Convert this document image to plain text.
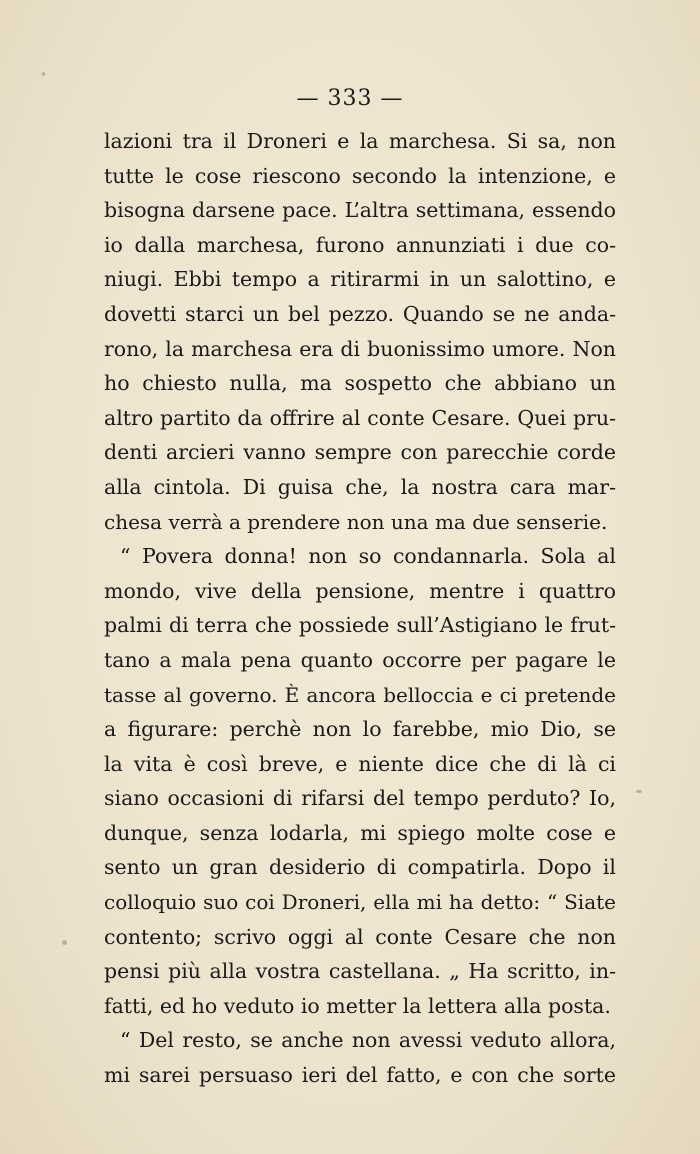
— 333 —
lazioni tra il Droneri e la marchesa. Si sa, non
tutte le cose riescono secondo la intenzione, e
bisogna darsene pace. L’altra settimana, essendo
io dalla marchesa, furono annunziati i due co-
niugi. Ebbi tempo a ritirarmi in un salottino, e
dovetti starci un bel pezzo. Quando se ne anda-
rono, la marchesa era di buonissimo umore. Non
ho chiesto nulla, ma sospetto che abbiano un
altro partito da offrire al conte Cesare. Quei pru-
denti arcieri vanno sempre con parecchie corde
alla cintola. Di guisa che, la nostra cara mar-
chesa verrà a prendere non una ma due senserie.
“ Povera donna! non so condannarla. Sola al
mondo, vive della pensione, mentre i quattro
palmi di terra che possiede sull’Astigiano le frut-
tano a mala pena quanto occorre per pagare le
tasse al governo. È ancora belloccia e ci pretende
a figurare: perchè non lo farebbe, mio Dio, se
la vita è così breve, e niente dice che di là ci
siano occasioni di rifarsi del tempo perduto? Io,
dunque, senza lodarla, mi spiego molte cose e
sento un gran desiderio di compatirla. Dopo il
colloquio suo coi Droneri, ella mi ha detto: “ Siate
contento; scrivo oggi al conte Cesare che non
pensi più alla vostra castellana. „ Ha scritto, in-
fatti, ed ho veduto io metter la lettera alla posta.
“ Del resto, se anche non avessi veduto allora,
mi sarei persuaso ieri del fatto, e con che sorte
